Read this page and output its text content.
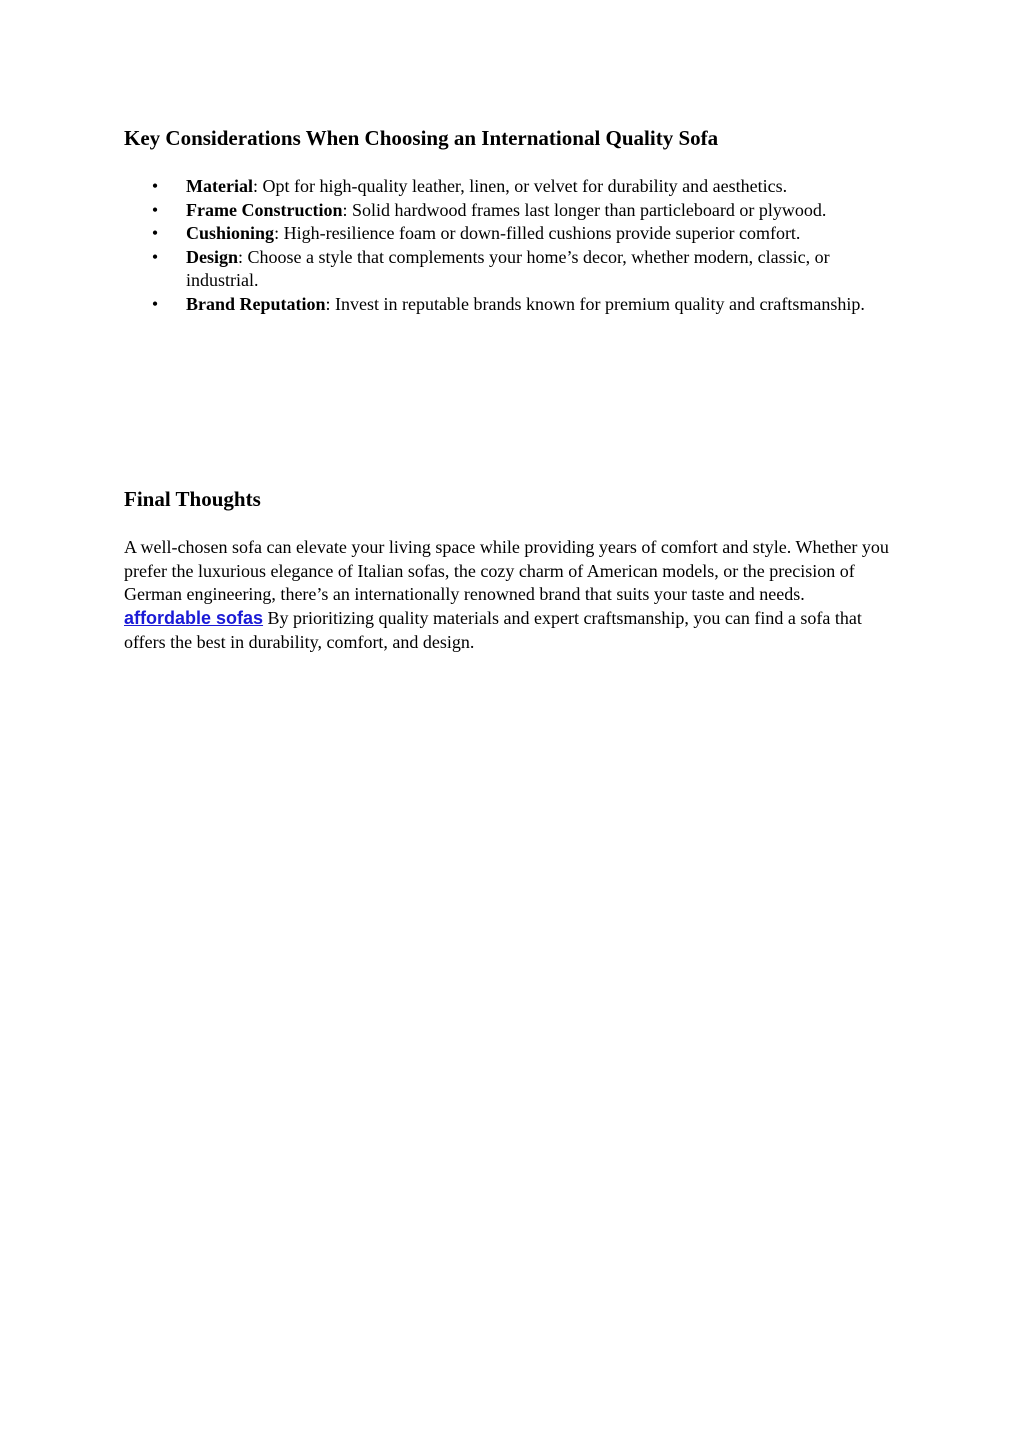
Key Considerations When Choosing an International Quality Sofa
• Material: Opt for high-quality leather, linen, or velvet for durability and aesthetics.
• Frame Construction: Solid hardwood frames last longer than particleboard or plywood.
• Cushioning: High-resilience foam or down-filled cushions provide superior comfort.
• Design: Choose a style that complements your home’s decor, whether modern, classic, or industrial.
• Brand Reputation: Invest in reputable brands known for premium quality and craftsmanship.
Final Thoughts

A well-chosen sofa can elevate your living space while providing years of comfort and style. Whether you prefer the luxurious elegance of Italian sofas, the cozy charm of American models, or the precision of German engineering, there’s an internationally renowned brand that suits your taste and needs. affordable sofas By prioritizing quality materials and expert craftsmanship, you can find a sofa that offers the best in durability, comfort, and design.
